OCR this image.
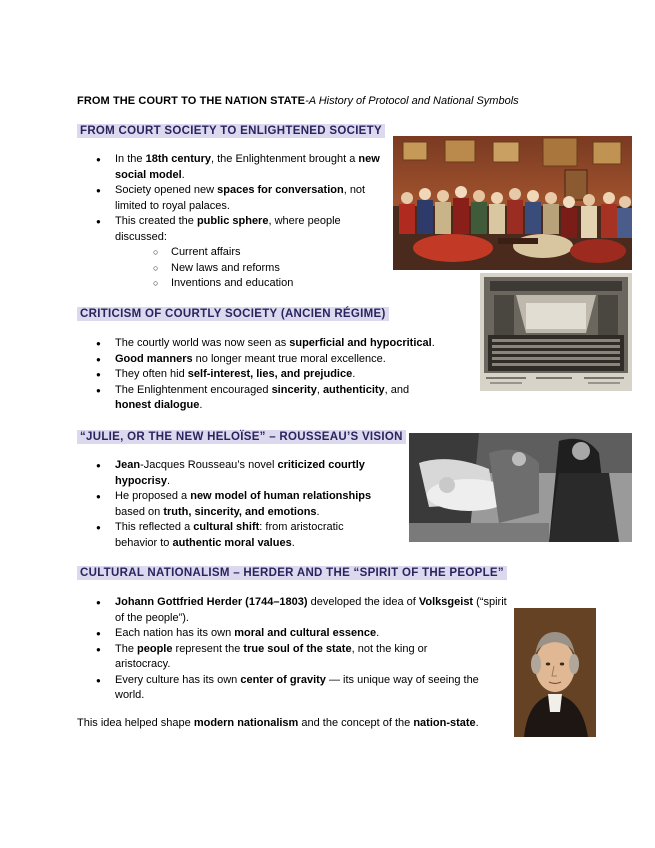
FROM THE COURT TO THE NATION STATE-A History of Protocol and National Symbols
FROM COURT SOCIETY TO ENLIGHTENED SOCIETY
● In the 18th century, the Enlightenment brought a new social model.
● Society opened new spaces for conversation, not limited to royal palaces.
● This created the public sphere, where people discussed:
○ Current affairs
○ New laws and reforms
○ Inventions and education
CRITICISM OF COURTLY SOCIETY (ANCIEN RÉGIME)
● The courtly world was now seen as superficial and hypocritical.
● Good manners no longer meant true moral excellence.
● They often hid self-interest, lies, and prejudice.
● The Enlightenment encouraged sincerity, authenticity, and honest dialogue.
“JULIE, OR THE NEW HELOÏSE” – ROUSSEAU’S VISION
● Jean-Jacques Rousseau’s novel criticized courtly hypocrisy.
● He proposed a new model of human relationships based on truth, sincerity, and emotions.
● This reflected a cultural shift: from aristocratic behavior to authentic moral values.
CULTURAL NATIONALISM – HERDER AND THE “SPIRIT OF THE PEOPLE”
● Johann Gottfried Herder (1744–1803) developed the idea of Volksgeist (“spirit of the people”).
● Each nation has its own moral and cultural essence.
● The people represent the true soul of the state, not the king or aristocracy.
● Every culture has its own center of gravity — its unique way of seeing the world.
This idea helped shape modern nationalism and the concept of the nation-state.
